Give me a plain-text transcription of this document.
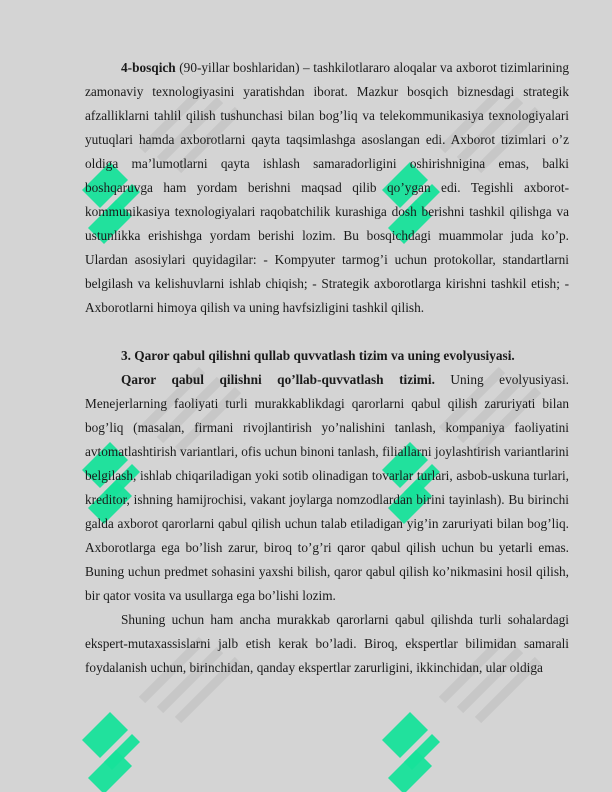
4-bosqich (90-yillar boshlaridan) – tashkilotlararo aloqalar va axborot tizimlarining zamonaviy texnologiyasini yaratishdan iborat. Mazkur bosqich biznesdagi strategik afzalliklarni tahlil qilish tushunchasi bilan bog’liq va telekommunikasiya texnologiyalari yutuqlari hamda axborotlarni qayta taqsimlashga asoslangan edi. Axborot tizimlari o’z oldiga ma’lumotlarni qayta ishlash samaradorligini oshirishnigina emas, balki boshqaruvga ham yordam berishni maqsad qilib qo’ygan edi. Tegishli axborot-kommunikasiya texnologiyalari raqobatchilik kurashiga dosh berishni tashkil qilishga va ustunlikka erishishga yordam berishi lozim. Bu bosqichdagi muammolar juda ko’p. Ulardan asosiylari quyidagilar: - Kompyuter tarmog’i uchun protokollar, standartlarni belgilash va kelishuvlarni ishlab chiqish; - Strategik axborotlarga kirishni tashkil etish; - Axborotlarni himoya qilish va uning havfsizligini tashkil qilish.

3. Qaror qabul qilishni qullab quvvatlash tizim va uning evolyusiyasi.

Qaror qabul qilishni qo’llab-quvvatlash tizimi. Uning evolyusiyasi. Menejerlarning faoliyati turli murakkablikdagi qarorlarni qabul qilish zaruriyati bilan bog’liq (masalan, firmani rivojlantirish yo’nalishini tanlash, kompaniya faoliyatini avtomatlashtirish variantlari, ofis uchun binoni tanlash, filiallarni joylashtirish variantlarini belgilash, ishlab chiqariladigan yoki sotib olinadigan tovarlar turlari, asbob-uskuna turlari, kreditor, ishning hamijrochisi, vakant joylarga nomzodlardan birini tayinlash). Bu birinchi galda axborot qarorlarni qabul qilish uchun talab etiladigan yig’in zaruriyati bilan bog’liq. Axborotlarga ega bo’lish zarur, biroq to’g’ri qaror qabul qilish uchun bu yetarli emas. Buning uchun predmet sohasini yaxshi bilish, qaror qabul qilish ko’nikmasini hosil qilish, bir qator vosita va usullarga ega bo’lishi lozim.

Shuning uchun ham ancha murakkab qarorlarni qabul qilishda turli sohalardagi ekspert-mutaxassislarni jalb etish kerak bo’ladi. Biroq, ekspertlar bilimidan samarali foydalanish uchun, birinchidan, qanday ekspertlar zarurligini, ikkinchidan, ular oldiga
